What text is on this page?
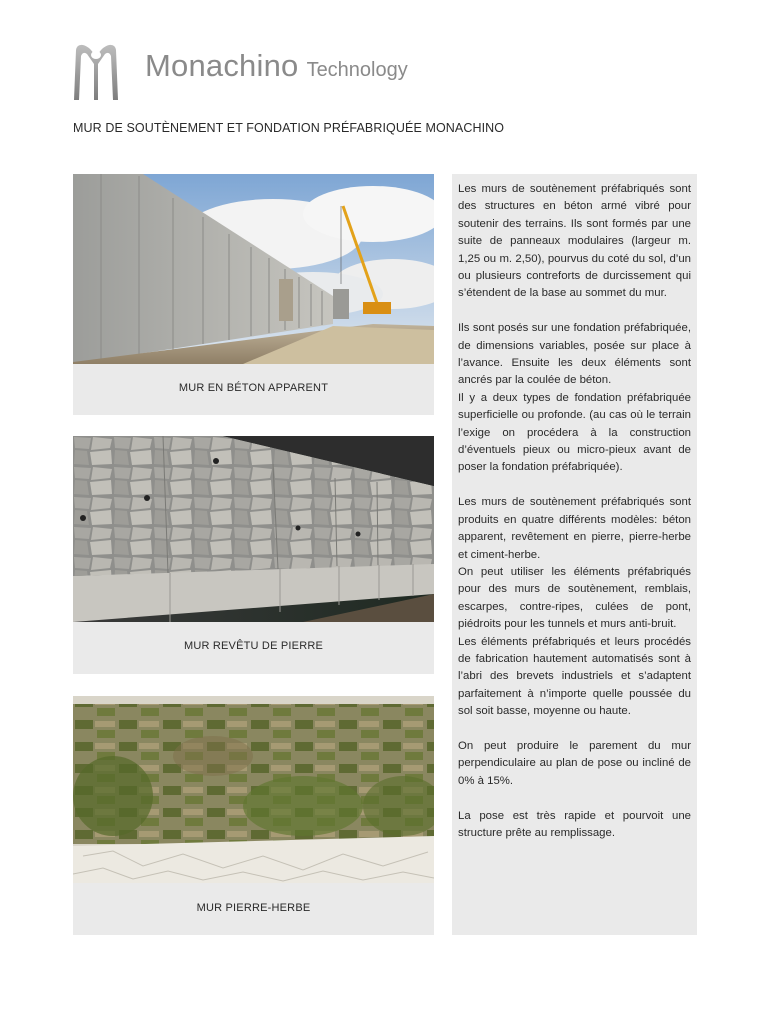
Monachino Technology
MUR DE SOUTÈNEMENT ET FONDATION PRÉFABRIQUÉE MONACHINO
MUR EN BÉTON APPARENT
MUR REVÊTU DE PIERRE
MUR PIERRE-HERBE

Les murs de soutènement préfabriqués sont des structures en béton armé vibré pour soutenir des terrains. Ils sont formés par une suite de panneaux modulaires (largeur m. 1,25 ou m. 2,50), pourvus du coté du sol, d’un ou plusieurs contreforts de durcissement qui s’étendent de la base au sommet du mur.

Ils sont posés sur une fondation préfabriquée, de dimensions variables, posée sur place à l’avance. Ensuite les deux éléments sont ancrés par la coulée de béton.

Il y a deux types de fondation préfabriquée superficielle ou profonde. (au cas où le terrain l’exige on procédera à la construction d’éventuels pieux ou micro-pieux avant de poser la fondation préfabriquée).

Les murs de soutènement préfabriqués sont produits en quatre différents modèles: béton apparent, revêtement en pierre, pierre-herbe et ciment-herbe.

On peut utiliser les éléments préfabriqués pour des murs de soutènement, remblais, escarpes, contre-ripes, culées de pont, piédroits pour les tunnels et murs anti-bruit.

Les éléments préfabriqués et leurs procédés de fabrication hautement automatisés sont à l’abri des brevets industriels et s’adaptent parfaitement à n’importe quelle poussée du sol soit basse, moyenne ou haute.

On peut produire le parement du mur perpendiculaire au plan de pose ou incliné de 0% à 15%.

La pose est très rapide et pourvoit une structure prête au remplissage.
